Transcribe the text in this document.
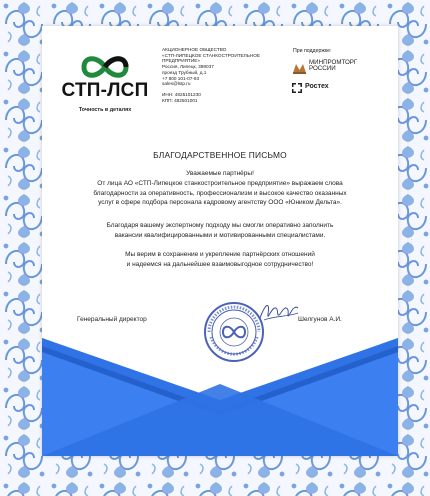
СТП-ЛСП
Точность в деталях
АКЦИОНЕРНОЕ ОБЩЕСТВО
«СТП-ЛИПЕЦКОЕ СТАНКОСТРОИТЕЛЬНОЕ
ПРЕДПРИЯТИЕ»
Россия, Липецк, 398037
проезд Трубный, д.1
+7 800 101-07-93
sales@lstp.ru
ИНН: 4825101230
КПП: 482501001
При поддержке:
МИНПРОМТОРГ
РОССИИ
Ростех
БЛАГОДАРСТВЕННОЕ ПИСЬМО
Уважаемые партнёры!
От лица АО «СТП-Липецкое станкостроительное предприятие» выражаем слова
благодарности за оперативность, профессионализм и высокое качество оказанных
услуг в сфере подбора персонала кадровому агентству ООО «Юником Дельта».
Благодаря вашему экспертному подходу мы смогли оперативно заполнить
вакансии квалифицированными и мотивированными специалистами.
Мы верим в сохранение и укрепление партнёрских отношений
и надеемся на дальнейшее взаимовыгодное сотрудничество!
Генеральный директор	Шелгунов А.И.
· · · · ·
